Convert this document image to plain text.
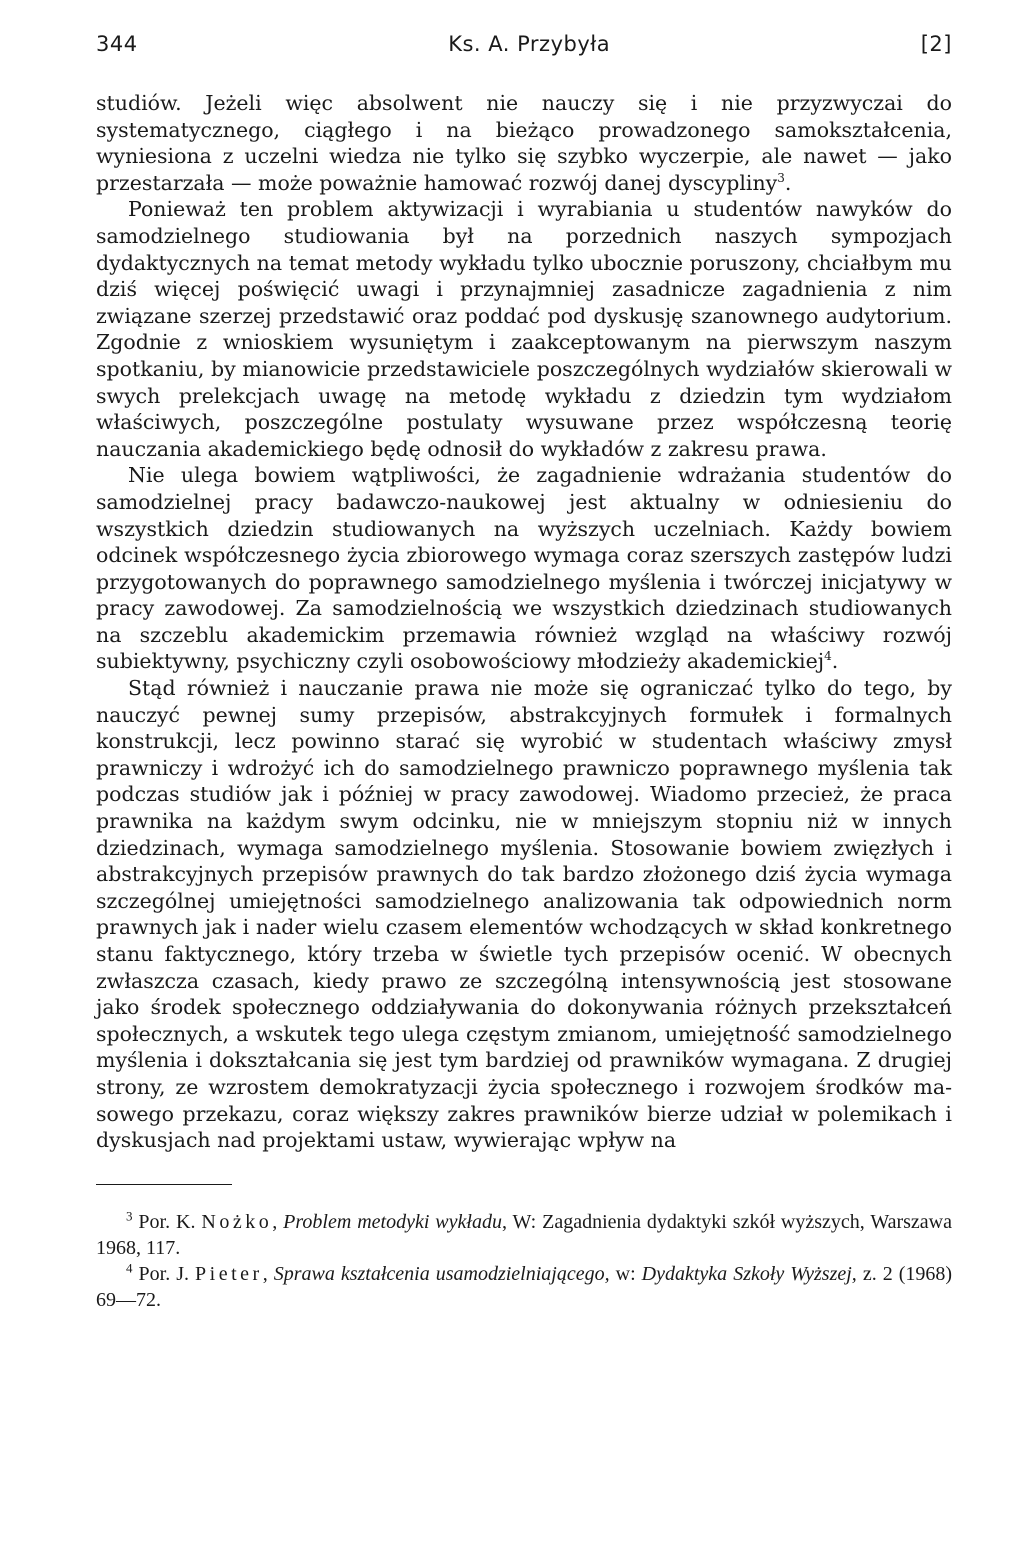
344	Ks. A. Przybyła	[2]

studiów. Jeżeli więc absolwent nie nauczy się i nie przyzwyczai do systematycznego, ciągłego i na bieżąco prowadzonego samokształcenia, wyniesiona z uczelni wiedza nie tylko się szybko wyczerpie, ale nawet — jako przestarzała — może poważnie hamować rozwój danej dyscypliny$^3$.

Ponieważ ten problem aktywizacji i wyrabiania u studentów nawyków do samodzielnego studiowania był na porzednich naszych sympozjach dydaktycznych na temat metody wykładu tylko ubocznie poruszony, chciałbym mu dziś więcej poświęcić uwagi i przynajmniej zasadnicze zagadnienia z nim związane szerzej przedstawić oraz poddać pod dyskusję szanownego audytorium. Zgodnie z wnioskiem wysuniętym i zaakceptowanym na pierwszym naszym spotkaniu, by mianowicie przedstawiciele poszczególnych wydziałów skierowali w swych prelekcjach uwagę na metodę wykładu z dziedzin tym wydziałom właściwych, poszczególne postulaty wysuwane przez współczesną teorię nauczania akademickiego będę odnosił do wykładów z zakresu prawa.

Nie ulega bowiem wątpliwości, że zagadnienie wdrażania studentów do samodzielnej pracy badawczo-naukowej jest aktualny w odniesieniu do wszystkich dziedzin studiowanych na wyższych uczelniach. Każdy bowiem odcinek współczesnego życia zbiorowego wymaga coraz szerszych zastępów ludzi przygotowanych do poprawnego samodzielnego myślenia i twórczej inicjatywy w pracy zawodowej. Za samodzielnością we wszystkich dziedzinach studiowanych na szczeblu akademickim przemawia również wzgląd na właściwy rozwój subiektywny, psychiczny czyli osobowościowy młodzieży akademickiej$^4$.

Stąd również i nauczanie prawa nie może się ograniczać tylko do tego, by nauczyć pewnej sumy przepisów, abstrakcyjnych formułek i formalnych konstrukcji, lecz powinno starać się wyrobić w studentach właściwy zmysł prawniczy i wdrożyć ich do samodzielnego prawniczo poprawnego myślenia tak podczas studiów jak i później w pracy zawodowej. Wiadomo przecież, że praca prawnika na każdym swym odcinku, nie w mniejszym stopniu niż w innych dziedzinach, wymaga samodzielnego myślenia. Stosowanie bowiem zwięzłych i abstrakcyjnych przepisów prawnych do tak bardzo złożonego dziś życia wymaga szczególnej umiejętności samodzielnego analizowania tak odpowiednich norm prawnych jak i nader wielu czasem elementów wchodzących w skład konkretnego stanu faktycznego, który trzeba w świetle tych przepisów ocenić. W obecnych zwłaszcza czasach, kiedy prawo ze szczególną intensywnością jest stosowane jako środek społecznego oddziaływania do dokonywania różnych przekształceń społecznych, a wskutek tego ulega częstym zmianom, umiejętność samodzielnego myślenia i dokształcania się jest tym bardziej od prawników wymagana. Z drugiej strony, ze wzrostem demokratyzacji życia społecznego i rozwojem środków masowego przekazu, coraz większy zakres prawników bierze udział w polemikach i dyskusjach nad projektami ustaw, wywierając wpływ na

$^3$ Por. K. Nożko, Problem metodyki wykładu, W: Zagadnienia dydaktyki szkół wyższych, Warszawa 1968, 117.

$^4$ Por. J. Pieter, Sprawa kształcenia usamodzielniającego, w: Dydaktyka Szkoły Wyższej, z. 2 (1968) 69—72.
